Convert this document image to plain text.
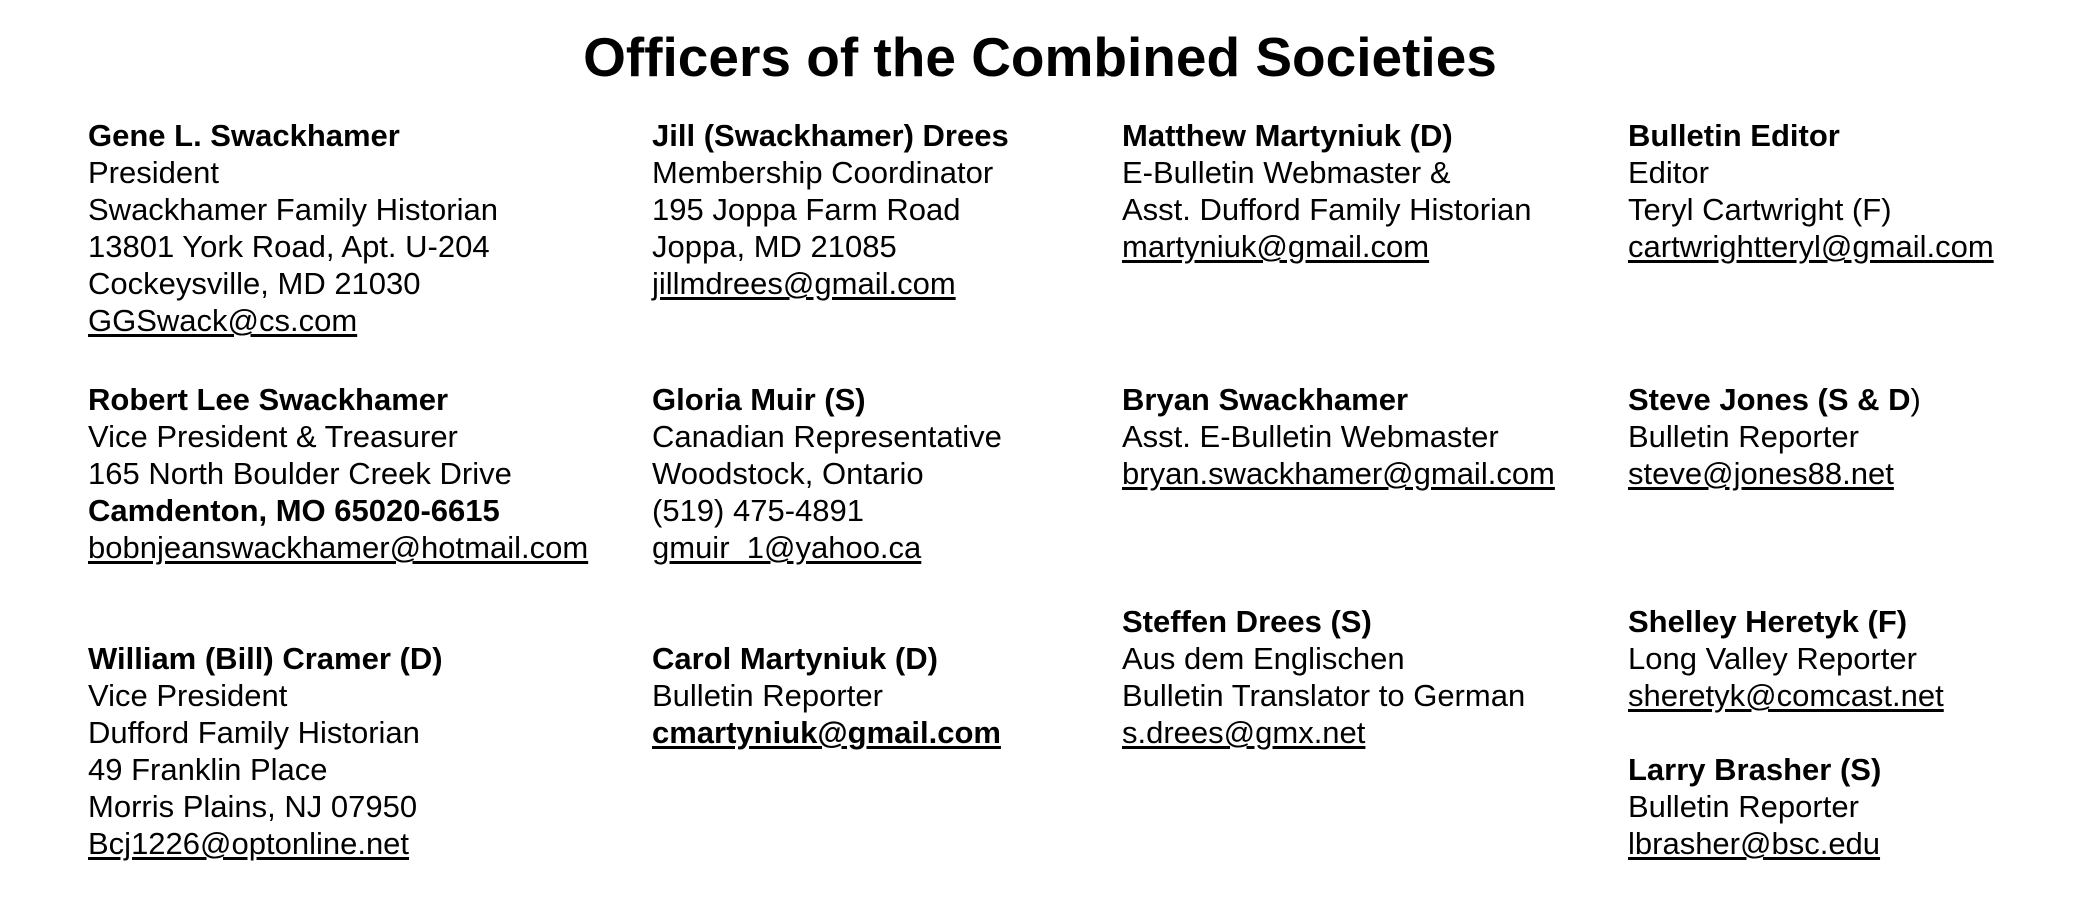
Officers of the Combined Societies
Gene L. Swackhamer
President
Swackhamer Family Historian
13801 York Road, Apt. U-204
Cockeysville, MD 21030
GGSwack@cs.com
Robert Lee Swackhamer
Vice President & Treasurer
165 North Boulder Creek Drive
Camdenton, MO 65020-6615
bobnjeanswackhamer@hotmail.com
William (Bill) Cramer (D)
Vice President
Dufford Family Historian
49 Franklin Place
Morris Plains, NJ 07950
Bcj1226@optonline.net
Jill (Swackhamer) Drees
Membership Coordinator
195 Joppa Farm Road
Joppa, MD 21085
jillmdrees@gmail.com
Gloria Muir (S)
Canadian Representative
Woodstock, Ontario
(519) 475-4891
gmuir_1@yahoo.ca
Carol Martyniuk (D)
Bulletin Reporter
cmartyniuk@gmail.com
Matthew Martyniuk (D)
E-Bulletin Webmaster &
Asst. Dufford Family Historian
martyniuk@gmail.com
Bryan Swackhamer
Asst. E-Bulletin Webmaster
bryan.swackhamer@gmail.com
Steffen Drees (S)
Aus dem Englischen
Bulletin Translator to German
s.drees@gmx.net
Bulletin Editor
Editor
Teryl Cartwright (F)
cartwrightteryl@gmail.com
Steve Jones (S & D)
Bulletin Reporter
steve@jones88.net
Shelley Heretyk (F)
Long Valley Reporter
sheretyk@comcast.net
Larry Brasher (S)
Bulletin Reporter
lbrasher@bsc.edu
